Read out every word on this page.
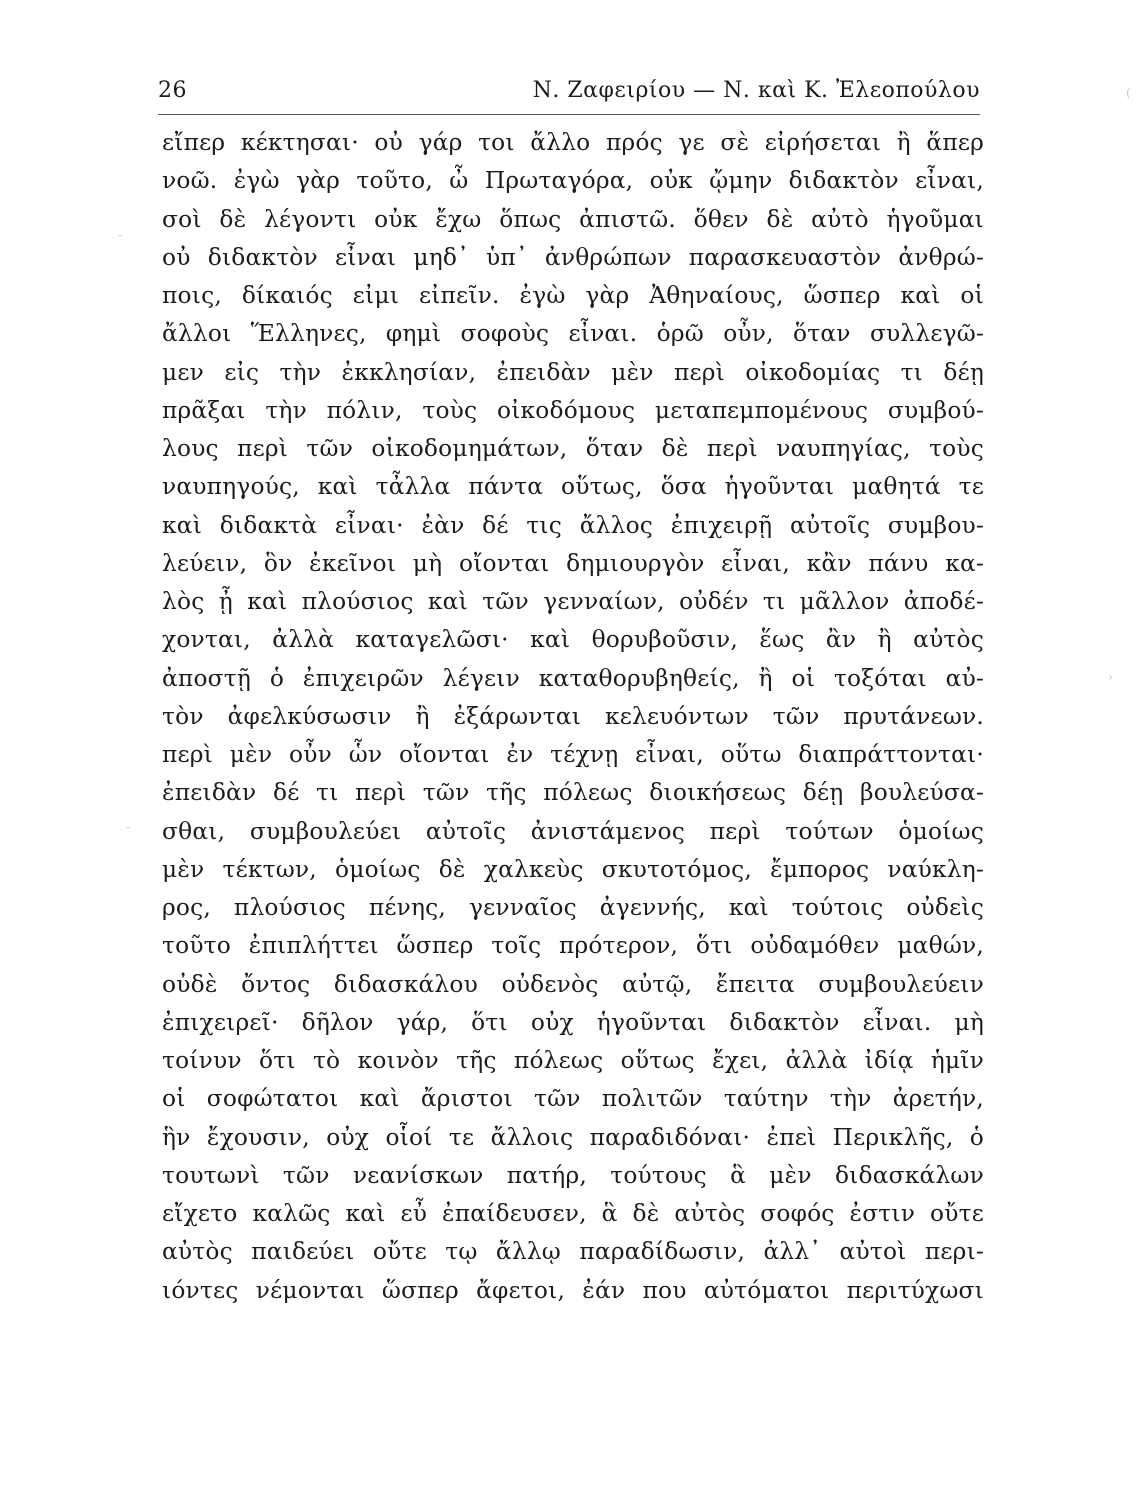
26	Ν. Ζαφειρίου — Ν. καὶ Κ. Ἐλεοπούλου
εἴπερ κέκτησαι· οὐ γάρ τοι ἄλλο πρός γε σὲ εἰρήσεται ἢ ἅπερ
νοῶ. ἐγὼ γὰρ τοῦτο, ὦ Πρωταγόρα, οὐκ ᾤμην διδακτὸν εἶναι,
σοὶ δὲ λέγοντι οὐκ ἔχω ὅπως ἀπιστῶ. ὅθεν δὲ αὐτὸ ἡγοῦμαι
οὐ διδακτὸν εἶναι μηδ᾽ ὑπ᾽ ἀνθρώπων παρασκευαστὸν ἀνθρώ-
ποις, δίκαιός εἰμι εἰπεῖν. ἐγὼ γὰρ Ἀθηναίους, ὥσπερ καὶ οἱ
ἄλλοι Ἕλληνες, φημὶ σοφοὺς εἶναι. ὁρῶ οὖν, ὅταν συλλεγῶ-
μεν εἰς τὴν ἐκκλησίαν, ἐπειδὰν μὲν περὶ οἰκοδομίας τι δέῃ
πρᾶξαι τὴν πόλιν, τοὺς οἰκοδόμους μεταπεμπομένους συμβού-
λους περὶ τῶν οἰκοδομημάτων, ὅταν δὲ περὶ ναυπηγίας, τοὺς
ναυπηγούς, καὶ τἆλλα πάντα οὕτως, ὅσα ἡγοῦνται μαθητά τε
καὶ διδακτὰ εἶναι· ἐὰν δέ τις ἄλλος ἐπιχειρῇ αὐτοῖς συμβου-
λεύειν, ὃν ἐκεῖνοι μὴ οἴονται δημιουργὸν εἶναι, κἂν πάνυ κα-
λὸς ᾖ καὶ πλούσιος καὶ τῶν γενναίων, οὐδέν τι μᾶλλον ἀποδέ-
χονται, ἀλλὰ καταγελῶσι· καὶ θορυβοῦσιν, ἕως ἂν ἢ αὐτὸς
ἀποστῇ ὁ ἐπιχειρῶν λέγειν καταθορυβηθείς, ἢ οἱ τοξόται αὐ-
τὸν ἀφελκύσωσιν ἢ ἐξάρωνται κελευόντων τῶν πρυτάνεων.
περὶ μὲν οὖν ὧν οἴονται ἐν τέχνῃ εἶναι, οὕτω διαπράττονται·
ἐπειδὰν δέ τι περὶ τῶν τῆς πόλεως διοικήσεως δέῃ βουλεύσα-
σθαι, συμβουλεύει αὐτοῖς ἀνιστάμενος περὶ τούτων ὁμοίως
μὲν τέκτων, ὁμοίως δὲ χαλκεὺς σκυτοτόμος, ἔμπορος ναύκλη-
ρος, πλούσιος πένης, γενναῖος ἀγεννής, καὶ τούτοις οὐδεὶς
τοῦτο ἐπιπλήττει ὥσπερ τοῖς πρότερον, ὅτι οὐδαμόθεν μαθών,
οὐδὲ ὄντος διδασκάλου οὐδενὸς αὐτῷ, ἔπειτα συμβουλεύειν
ἐπιχειρεῖ· δῆλον γάρ, ὅτι οὐχ ἡγοῦνται διδακτὸν εἶναι. μὴ
τοίνυν ὅτι τὸ κοινὸν τῆς πόλεως οὕτως ἔχει, ἀλλὰ ἰδίᾳ ἡμῖν
οἱ σοφώτατοι καὶ ἄριστοι τῶν πολιτῶν ταύτην τὴν ἀρετήν,
ἣν ἔχουσιν, οὐχ οἷοί τε ἄλλοις παραδιδόναι· ἐπεὶ Περικλῆς, ὁ
τουτωνὶ τῶν νεανίσκων πατήρ, τούτους ἃ μὲν διδασκάλων
εἴχετο καλῶς καὶ εὖ ἐπαίδευσεν, ἃ δὲ αὐτὸς σοφός ἐστιν οὔτε
αὐτὸς παιδεύει οὔτε τῳ ἄλλῳ παραδίδωσιν, ἀλλ᾽ αὐτοὶ περι-
ιόντες νέμονται ὥσπερ ἄφετοι, ἐάν που αὐτόματοι περιτύχωσι
(
-
-
›
